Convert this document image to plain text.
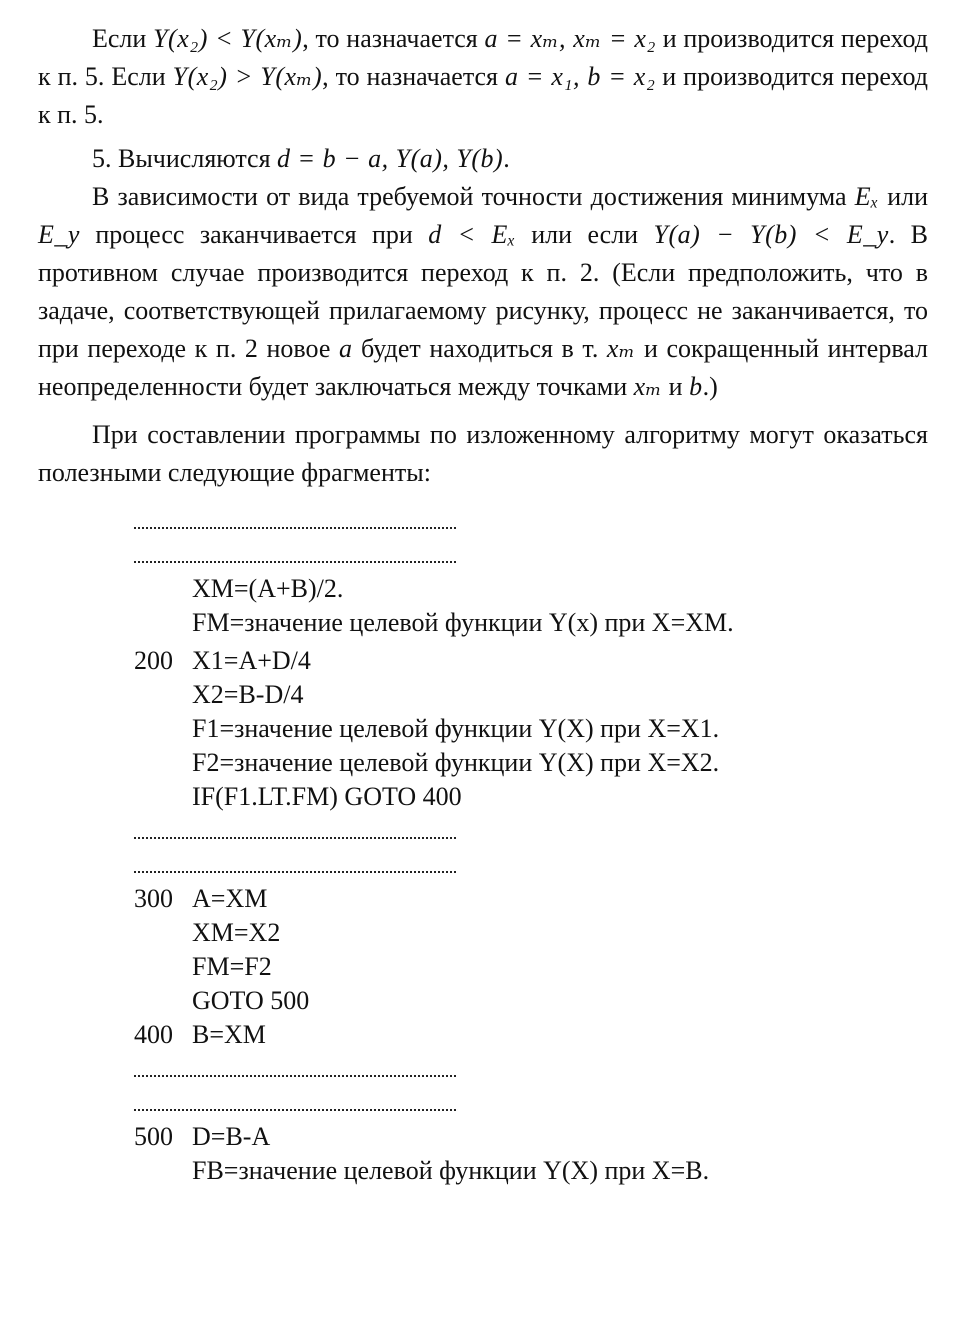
Если Y(x₂) < Y(xₘ), то назначается a = xₘ, xₘ = x₂ и производится переход к п. 5. Если Y(x₂) > Y(xₘ), то назначается a = x₁, b = x₂ и производится переход к п. 5.

5. Вычисляются d = b − a, Y(a), Y(b).

В зависимости от вида требуемой точности достижения минимума Eₓ или E_y процесс заканчивается при d < Eₓ или если Y(a) − Y(b) < E_y. В противном случае производится переход к п. 2. (Если предположить, что в задаче, соответствующей прилагаемому рисунку, процесс не заканчивается, то при переходе к п. 2 новое a будет находиться в т. xₘ и сокращенный интервал неопределенности будет заключаться между точками xₘ и b.)

При составлении программы по изложенному алгоритму могут оказаться полезными следующие фрагменты:

XM=(A+B)/2.
FM=значение целевой функции Y(x) при X=XM.
200 X1=A+D/4
X2=B-D/4
F1=значение целевой функции Y(X) при X=X1.
F2=значение целевой функции Y(X) при X=X2.
IF(F1.LT.FM) GOTO 400
300 A=XM
XM=X2
FM=F2
GOTO 500
400 B=XM
500 D=B-A
FB=значение целевой функции Y(X) при X=B.
